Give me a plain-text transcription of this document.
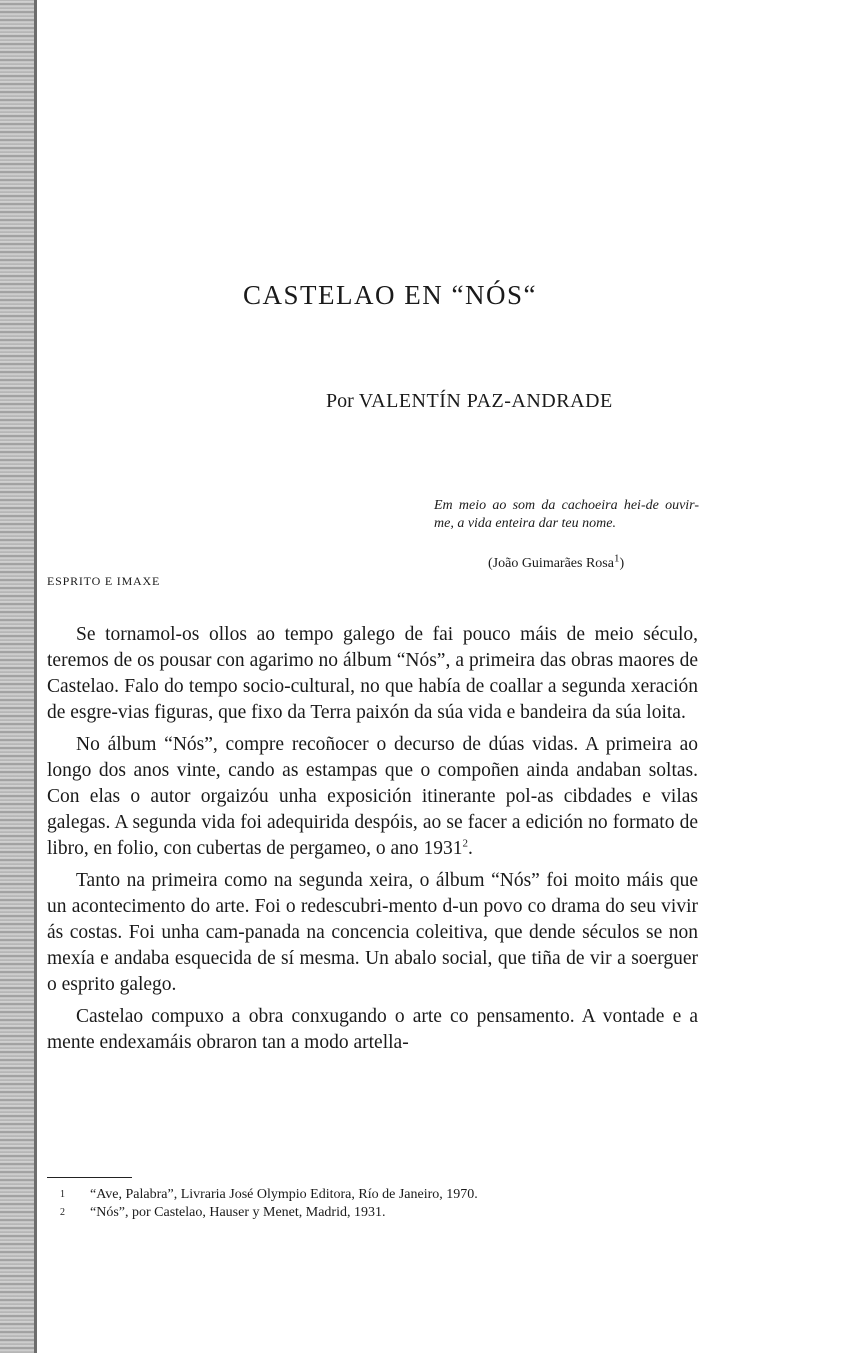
CASTELAO EN “NÓS“
Por VALENTÍN PAZ-ANDRADE
Em meio ao som da cachoeira hei-de ouvir-me, a vida enteira dar teu nome.
(João Guimarães Rosa$^1$)
ESPRITO E IMAXE

Se tornamol-os ollos ao tempo galego de fai pouco máis de meio século, teremos de os pousar con agarimo no álbum “Nós”, a primeira das obras maores de Castelao. Falo do tempo socio-cultural, no que había de coallar a segunda xeración de esgre-vias figuras, que fixo da Terra paixón da súa vida e bandeira da súa loita.

No álbum “Nós”, compre recoñocer o decurso de dúas vidas. A primeira ao longo dos anos vinte, cando as estampas que o compoñen ainda andaban soltas. Con elas o autor orgaizóu unha exposición itinerante pol-as cibdades e vilas galegas. A segunda vida foi adequirida despóis, ao se facer a edición no formato de libro, en folio, con cubertas de pergameo, o ano 1931$^2$.

Tanto na primeira como na segunda xeira, o álbum “Nós” foi moito máis que un acontecimento do arte. Foi o redescubri-mento d-un povo co drama do seu vivir ás costas. Foi unha cam-panada na concencia coleitiva, que dende séculos se non mexía e andaba esquecida de sí mesma. Un abalo social, que tiña de vir a soerguer o esprito galego.

Castelao compuxo a obra conxugando o arte co pensamento. A vontade e a mente endexamáis obraron tan a modo artella-

1 “Ave, Palabra”, Livraria José Olympio Editora, Río de Janeiro, 1970.
2 “Nós”, por Castelao, Hauser y Menet, Madrid, 1931.
